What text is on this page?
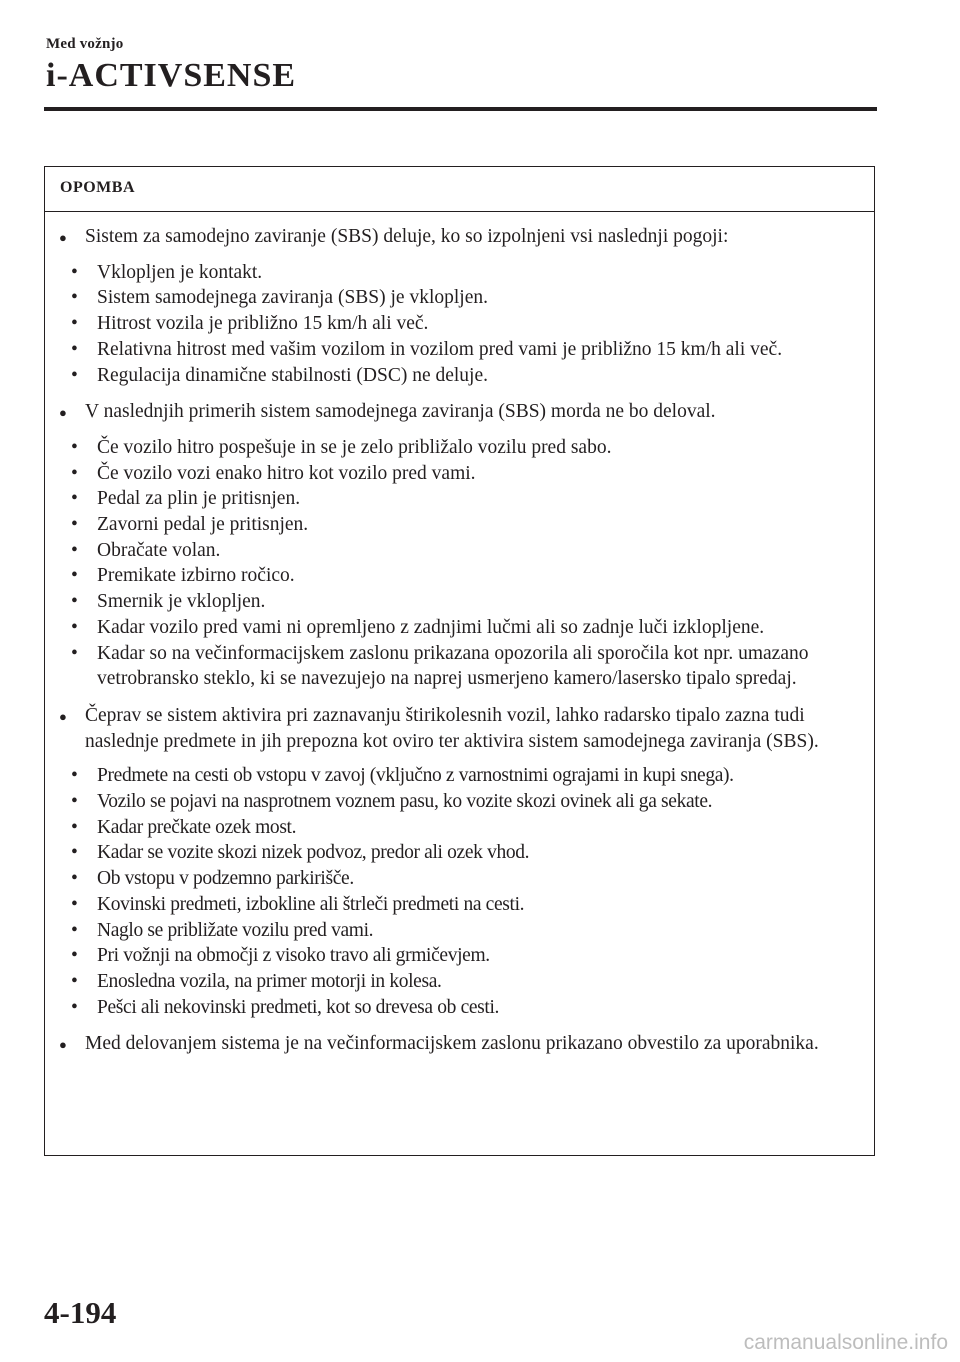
Med vožnjo
i-ACTIVSENSE
OPOMBA
● Sistem za samodejno zaviranje (SBS) deluje, ko so izpolnjeni vsi naslednji pogoji:
• Vklopljen je kontakt.
• Sistem samodejnega zaviranja (SBS) je vklopljen.
• Hitrost vozila je približno 15 km/h ali več.
• Relativna hitrost med vašim vozilom in vozilom pred vami je približno 15 km/h ali več.
• Regulacija dinamične stabilnosti (DSC) ne deluje.
● V naslednjih primerih sistem samodejnega zaviranja (SBS) morda ne bo deloval.
• Če vozilo hitro pospešuje in se je zelo približalo vozilu pred sabo.
• Če vozilo vozi enako hitro kot vozilo pred vami.
• Pedal za plin je pritisnjen.
• Zavorni pedal je pritisnjen.
• Obračate volan.
• Premikate izbirno ročico.
• Smernik je vklopljen.
• Kadar vozilo pred vami ni opremljeno z zadnjimi lučmi ali so zadnje luči izklopljene.
• Kadar so na večinformacijskem zaslonu prikazana opozorila ali sporočila kot npr. umazano vetrobransko steklo, ki se navezujejo na naprej usmerjeno kamero/lasersko tipalo spredaj.
● Čeprav se sistem aktivira pri zaznavanju štirikolesnih vozil, lahko radarsko tipalo zazna tudi naslednje predmete in jih prepozna kot oviro ter aktivira sistem samodejnega zaviranja (SBS).
• Predmete na cesti ob vstopu v zavoj (vključno z varnostnimi ograjami in kupi snega).
• Vozilo se pojavi na nasprotnem voznem pasu, ko vozite skozi ovinek ali ga sekate.
• Kadar prečkate ozek most.
• Kadar se vozite skozi nizek podvoz, predor ali ozek vhod.
• Ob vstopu v podzemno parkirišče.
• Kovinski predmeti, izbokline ali štrleči predmeti na cesti.
• Naglo se približate vozilu pred vami.
• Pri vožnji na območji z visoko travo ali grmičevjem.
• Enosledna vozila, na primer motorji in kolesa.
• Pešci ali nekovinski predmeti, kot so drevesa ob cesti.
● Med delovanjem sistema je na večinformacijskem zaslonu prikazano obvestilo za uporabnika.
4-194
carmanualsonline.info
